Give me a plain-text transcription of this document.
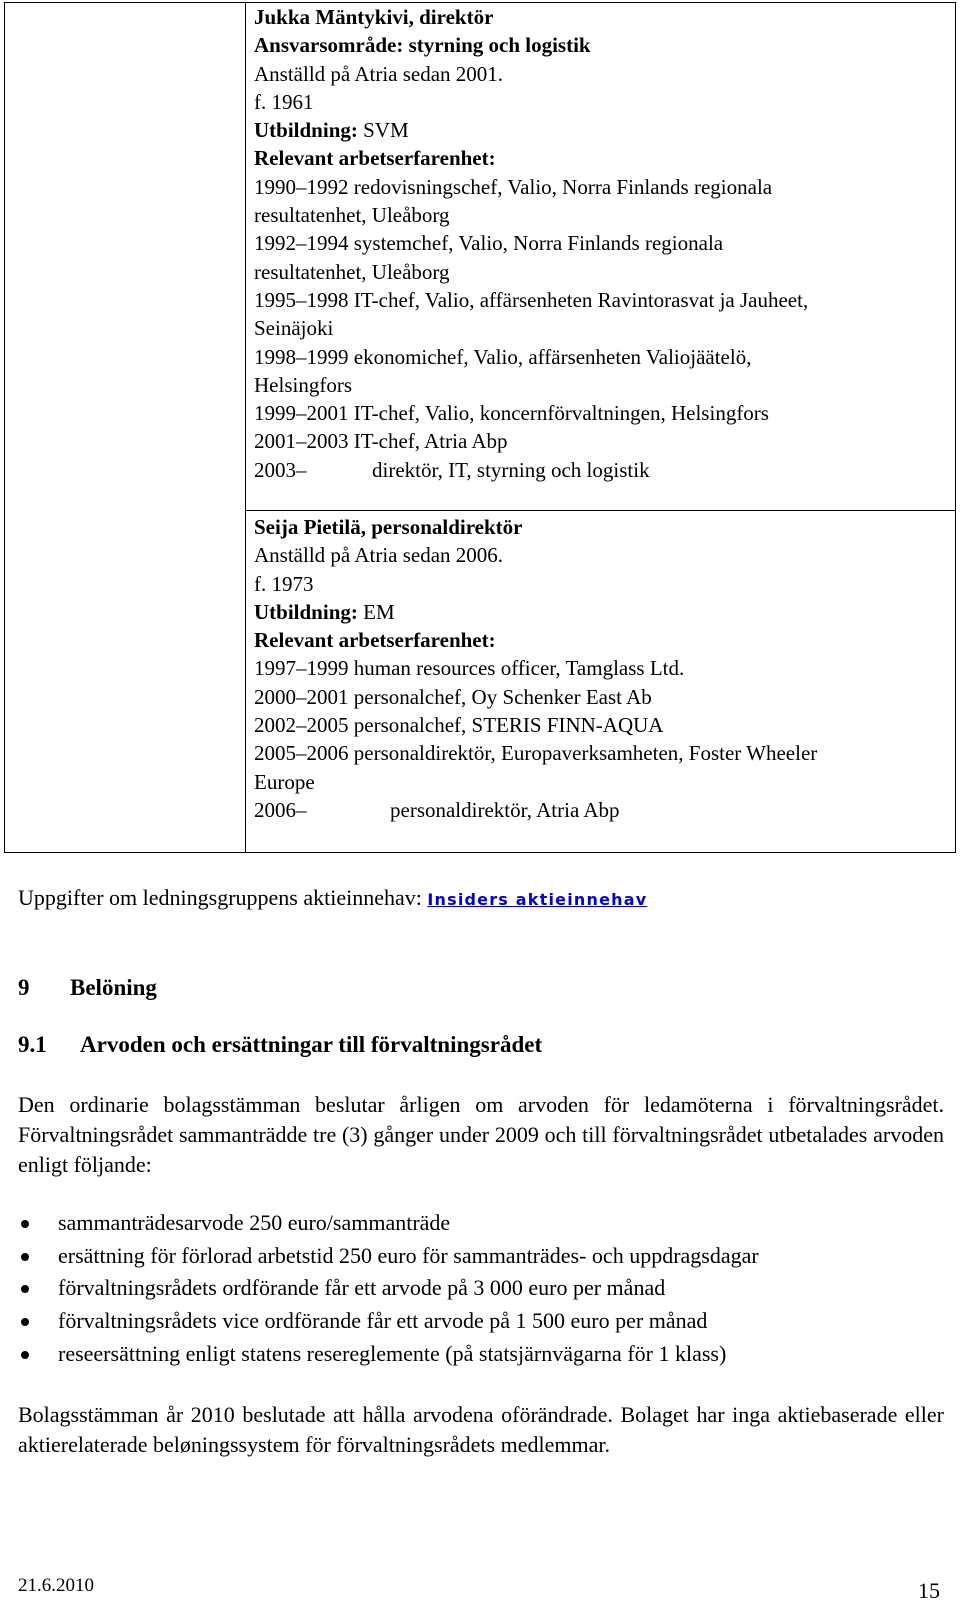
Jukka Mäntykivi, direktör
Ansvarsområde: styrning och logistik
Anställd på Atria sedan 2001.
f. 1961
Utbildning: SVM
Relevant arbetserfarenhet:
1990–1992 redovisningschef, Valio, Norra Finlands regionala
resultatenhet, Uleåborg
1992–1994 systemchef, Valio, Norra Finlands regionala
resultatenhet, Uleåborg
1995–1998 IT-chef, Valio, affärsenheten Ravintorasvat ja Jauheet,
Seinäjoki
1998–1999 ekonomichef, Valio, affärsenheten Valiojäätelö,
Helsingfors
1999–2001 IT-chef, Valio, koncernförvaltningen, Helsingfors
2001–2003 IT-chef, Atria Abp
2003–	direktör, IT, styrning och logistik
Seija Pietilä, personaldirektör
Anställd på Atria sedan 2006.
f. 1973
Utbildning: EM
Relevant arbetserfarenhet:
1997–1999 human resources officer, Tamglass Ltd.
2000–2001 personalchef, Oy Schenker East Ab
2002–2005 personalchef, STERIS FINN-AQUA
2005–2006 personaldirektör, Europaverksamheten, Foster Wheeler
Europe
2006–	personaldirektör, Atria Abp
Uppgifter om ledningsgruppens aktieinnehav: Insiders aktieinnehav
9 Belöning
9.1 Arvoden och ersättningar till förvaltningsrådet
Den ordinarie bolagsstämman beslutar årligen om arvoden för ledamöterna i förvaltningsrådet. Förvaltningsrådet sammanträdde tre (3) gånger under 2009 och till förvaltningsrådet utbetalades arvoden enligt följande:
sammanträdesarvode 250 euro/sammanträde
ersättning för förlorad arbetstid 250 euro för sammanträdes- och uppdragsdagar
förvaltningsrådets ordförande får ett arvode på 3 000 euro per månad
förvaltningsrådets vice ordförande får ett arvode på 1 500 euro per månad
reseersättning enligt statens resereglemente (på statsjärnvägarna för 1 klass)
Bolagsstämman år 2010 beslutade att hålla arvodena oförändrade. Bolaget har inga aktiebaserade eller aktierelaterade beløningssystem för förvaltningsrådets medlemmar.
21.6.2010	15
